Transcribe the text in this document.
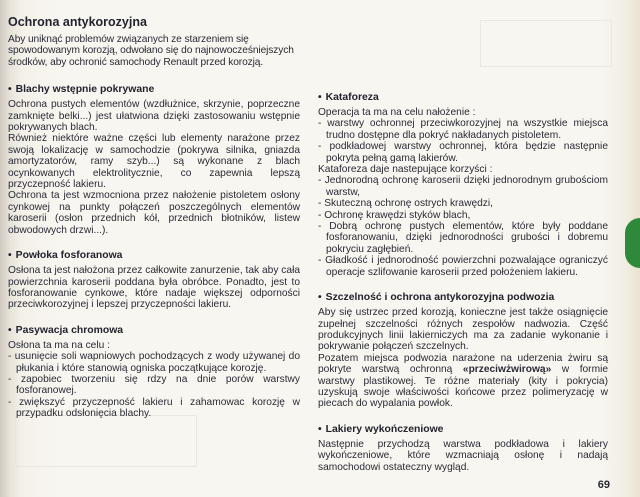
Ochrona antykorozyjna

Aby uniknąć problemów związanych ze starzeniem się spowodowanym korozją, odwołano się do najnowocześniejszych środków, aby ochronić samochody Renault przed korozją.

• Blachy wstępnie pokrywane

Ochrona pustych elementów (wzdłużnice, skrzynie, poprzeczne zamknięte belki...) jest ułatwiona dzięki zastosowaniu wstępnie pokrywanych blach.

Również niektóre ważne części lub elementy narażone przez swoją lokalizację w samochodzie (pokrywa silnika, gniazda amortyzatorów, ramy szyb...) są wykonane z blach ocynkowanych elektrolitycznie, co zapewnia lepszą przyczepność lakieru.

Ochrona ta jest wzmocniona przez nałożenie pistoletem osłony cynkowej na punkty połączeń poszczególnych elementów karoserii (osłon przednich kół, przednich błotników, listew obwodowych drzwi...).

• Powłoka fosforanowa

Osłona ta jest nałożona przez całkowite zanurzenie, tak aby cała powierzchnia karoserii poddana była obróbce. Ponadto, jest to fosforanowanie cynkowe, które nadaje większej odporności przeciwkorozyjnej i lepszej przyczepności lakieru.

• Pasywacja chromowa

Osłona ta ma na celu :

- usunięcie soli wapniowych pochodzących z wody używanej do płukania i które stanowią ogniska początkujące korozję.
- zapobiec tworzeniu się rdzy na dnie porów warstwy fosforanowej.
- zwiększyć przyczepność lakieru i zahamowac korozję w przypadku odsłonięcia blachy.
• Kataforeza

Operacja ta ma na celu nałożenie :

- warstwy ochronnej przeciwkorozyjnej na wszystkie miejsca trudno dostępne dla pokryć nakładanych pistoletem.
- podkładowej warstwy ochronnej, która będzie następnie pokryta pełną gamą lakierów.

Kataforeza daje nastepujące korzyści :

- Jednorodną ochronę karoserii dzięki jednorodnym grubościom warstw,
- Skuteczną ochronę ostrych krawędzi,
- Ochronę krawędzi styków blach,
- Dobrą ochronę pustych elementów, które były poddane fosforanowaniu, dzięki jednorodności grubości i dobremu pokryciu zagłębień.
- Gładkość i jednorodność powierzchni pozwalające ograniczyć operacje szlifowanie karoserii przed położeniem lakieru.
• Szczelność i ochrona antykorozyjna podwozia

Aby się ustrzec przed korozją, konieczne jest także osiągnięcie zupełnej szczelności różnych zespołów nadwozia. Część produkcyjnych linii lakierniczych ma za zadanie wykonanie i pokrywanie połączeń szczelnych.

Pozatem miejsca podwozia narażone na uderzenia żwiru są pokryte warstwą ochronną «przeciwżwirową» w formie warstwy plastikowej. Te różne materiały (kity i pokrycia) uzyskują swoje właściwości końcowe przez polimeryzację w piecach do wypalania powłok.

• Lakiery wykończeniowe

Następnie przychodzą warstwa podkładowa i lakiery wykończeniowe, które wzmacniają osłonę i nadają samochodowi ostateczny wygląd.

69
